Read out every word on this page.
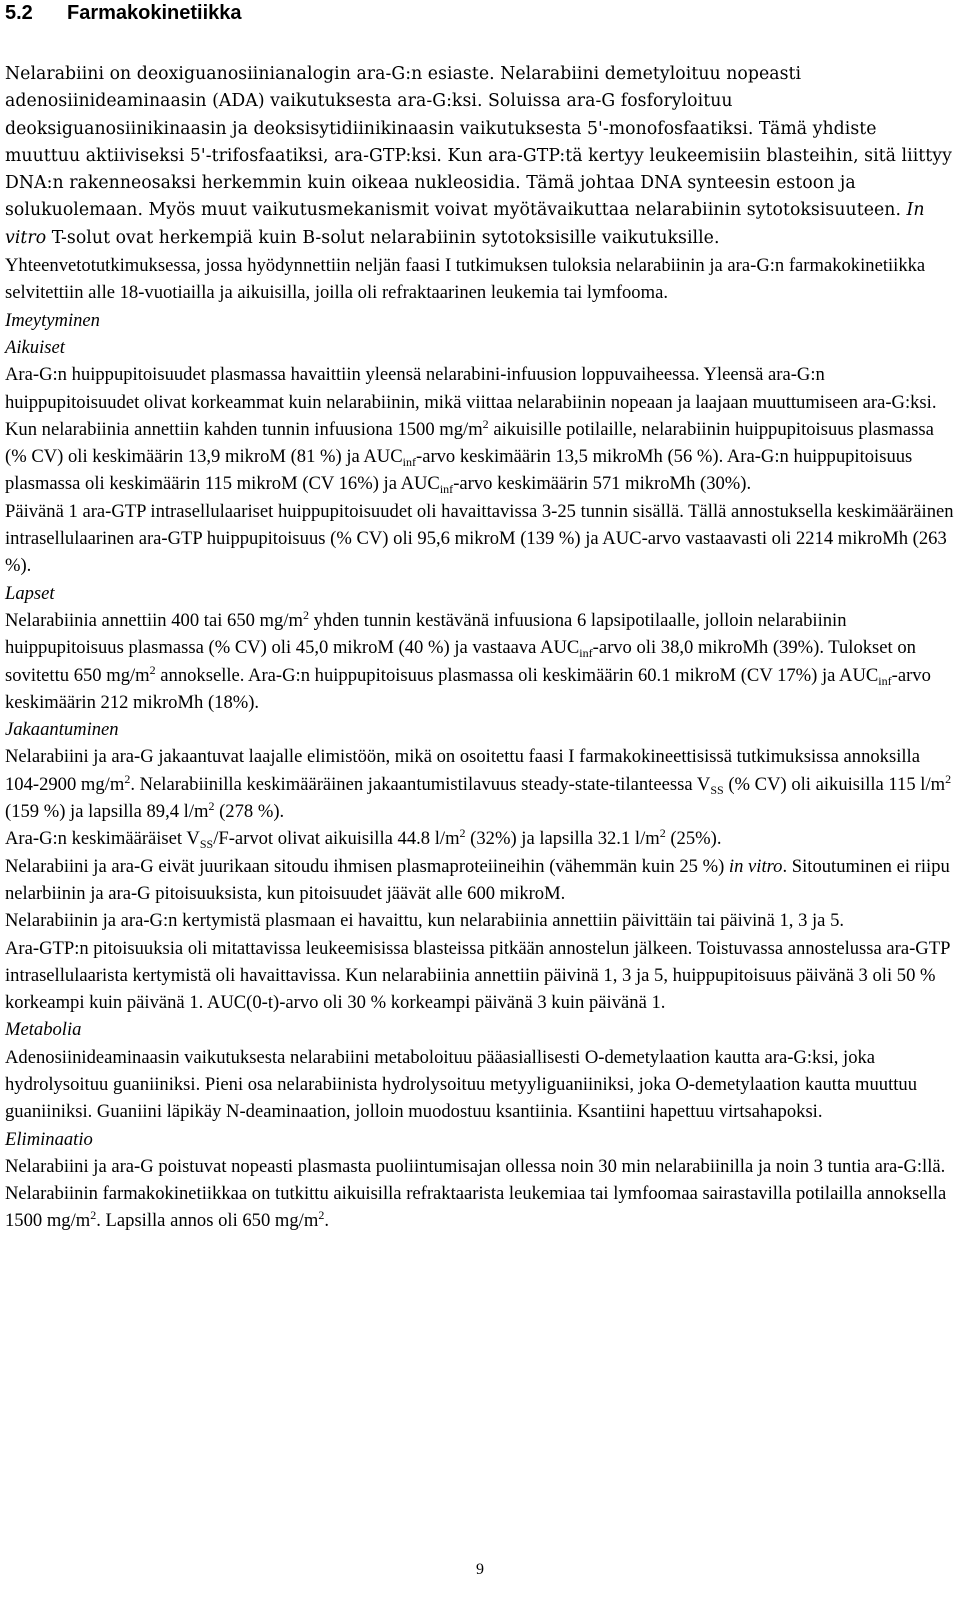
5.2 Farmakokinetiikka

Nelarabiini on deoxiguanosiinianalogin ara-G:n esiaste. Nelarabiini demetyloituu nopeasti adenosiinideaminaasin (ADA) vaikutuksesta ara-G:ksi. Soluissa ara-G fosforyloituu deoksiguanosiinikinaasin ja deoksisytidiinikinaasin vaikutuksesta 5'-monofosfaatiksi. Tämä yhdiste muuttuu aktiiviseksi 5'-trifosfaatiksi, ara-GTP:ksi. Kun ara-GTP:tä kertyy leukeemisiin blasteihin, sitä liittyy DNA:n rakenneosaksi herkemmin kuin oikeaa nukleosidia. Tämä johtaa DNA synteesin estoon ja solukuolemaan. Myös muut vaikutusmekanismit voivat myötävaikuttaa nelarabiinin sytotoksisuuteen. In vitro T-solut ovat herkempiä kuin B-solut nelarabiinin sytotoksisille vaikutuksille.

Yhteenvetotutkimuksessa, jossa hyödynnettiin neljän faasi I tutkimuksen tuloksia nelarabiinin ja ara-G:n farmakokinetiikka selvitettiin alle 18-vuotiailla ja aikuisilla, joilla oli refraktaarinen leukemia tai lymfooma.

Imeytyminen

Aikuiset

Ara-G:n huippupitoisuudet plasmassa havaittiin yleensä nelarabini-infuusion loppuvaiheessa. Yleensä ara-G:n huippupitoisuudet olivat korkeammat kuin nelarabiinin, mikä viittaa nelarabiinin nopeaan ja laajaan muuttumiseen ara-G:ksi. Kun nelarabiinia annettiin kahden tunnin infuusiona 1500 $mg/m^2$ aikuisille potilaille, nelarabiinin huippupitoisuus plasmassa (% CV) oli keskimäärin 13,9 mikroM (81 %) ja $AUC_{inf}$-arvo keskimäärin 13,5 mikroMh (56 %). Ara-G:n huippupitoisuus plasmassa oli keskimäärin 115 mikroM (CV 16%) ja $AUC_{inf}$-arvo keskimäärin 571 mikroMh (30%).

Päivänä 1 ara-GTP intrasellulaariset huippupitoisuudet oli havaittavissa 3-25 tunnin sisällä. Tällä annostuksella keskimääräinen intrasellulaarinen ara-GTP huippupitoisuus (% CV) oli 95,6 mikroM (139 %) ja AUC-arvo vastaavasti oli 2214 mikroMh (263 %).

Lapset

Nelarabiinia annettiin 400 tai 650 $mg/m^2$ yhden tunnin kestävänä infuusiona 6 lapsipotilaalle, jolloin nelarabiinin huippupitoisuus plasmassa (% CV) oli 45,0 mikroM (40 %) ja vastaava $AUC_{inf}$-arvo oli 38,0 mikroMh (39%). Tulokset on sovitettu 650 $mg/m^2$ annokselle. Ara-G:n huippupitoisuus plasmassa oli keskimäärin 60.1 mikroM (CV 17%) ja $AUC_{inf}$-arvo keskimäärin 212 mikroMh (18%).

Jakaantuminen

Nelarabiini ja ara-G jakaantuvat laajalle elimistöön, mikä on osoitettu faasi I farmakokineettisissä tutkimuksissa annoksilla 104-2900 $mg/m^2$. Nelarabiinilla keskimääräinen jakaantumistilavuus steady-state-tilanteessa $V_{SS}$ (% CV) oli aikuisilla 115 $l/m^2$ (159 %) ja lapsilla 89,4 $l/m^2$ (278 %).

Ara-G:n keskimääräiset $V_{SS}/F$-arvot olivat aikuisilla 44.8 $l/m^2$ (32%) ja lapsilla 32.1 $l/m^2$ (25%).

Nelarabiini ja ara-G eivät juurikaan sitoudu ihmisen plasmaproteiineihin (vähemmän kuin 25 %) in vitro. Sitoutuminen ei riipu nelarbiinin ja ara-G pitoisuuksista, kun pitoisuudet jäävät alle 600 mikroM.

Nelarabiinin ja ara-G:n kertymistä plasmaan ei havaittu, kun nelarabiinia annettiin päivittäin tai päivinä 1, 3 ja 5.

Ara-GTP:n pitoisuuksia oli mitattavissa leukeemisissa blasteissa pitkään annostelun jälkeen. Toistuvassa annostelussa ara-GTP intrasellulaarista kertymistä oli havaittavissa. Kun nelarabiinia annettiin päivinä 1, 3 ja 5, huippupitoisuus päivänä 3 oli 50 % korkeampi kuin päivänä 1. AUC(0-t)-arvo oli 30 % korkeampi päivänä 3 kuin päivänä 1.

Metabolia

Adenosiinideaminaasin vaikutuksesta nelarabiini metaboloituu pääasiallisesti O-demetylaation kautta ara-G:ksi, joka hydrolysoituu guaniiniksi. Pieni osa nelarabiinista hydrolysoituu metyyliguaniiniksi, joka O-demetylaation kautta muuttuu guaniiniksi. Guaniini läpikäy N-deaminaation, jolloin muodostuu ksantiinia. Ksantiini hapettuu virtsahapoksi.

Eliminaatio

Nelarabiini ja ara-G poistuvat nopeasti plasmasta puoliintumisajan ollessa noin 30 min nelarabiinilla ja noin 3 tuntia ara-G:llä. Nelarabiinin farmakokinetiikkaa on tutkittu aikuisilla refraktaarista leukemiaa tai lymfoomaa sairastavilla potilailla annoksella 1500 $mg/m^2$. Lapsilla annos oli 650 $mg/m^2$.

9
